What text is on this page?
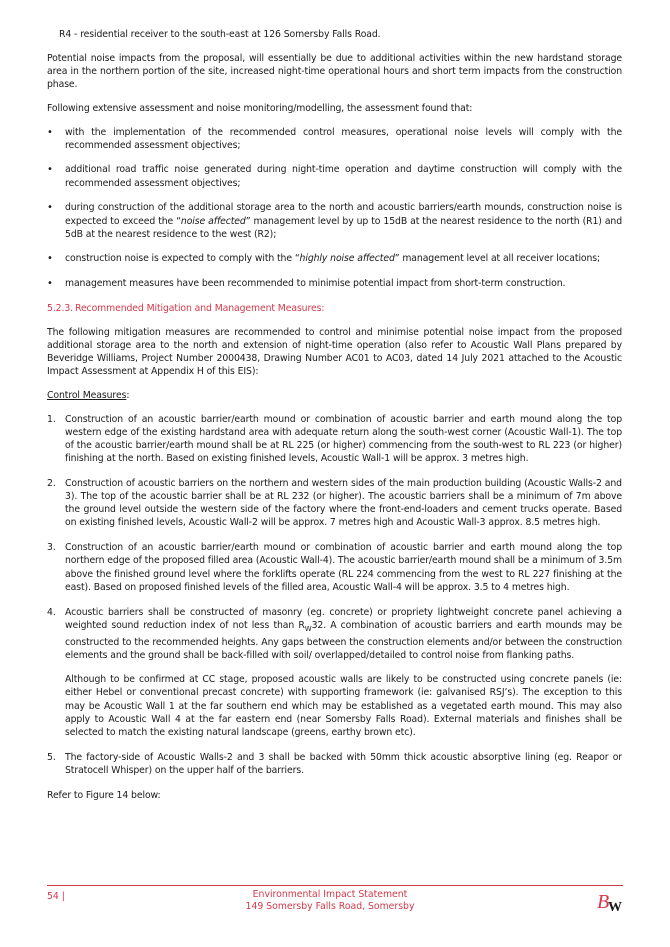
R4 - residential receiver to the south-east at 126 Somersby Falls Road.

Potential noise impacts from the proposal, will essentially be due to additional activities within the new hardstand storage area in the northern portion of the site, increased night-time operational hours and short term impacts from the construction phase.

Following extensive assessment and noise monitoring/modelling, the assessment found that:

• with the implementation of the recommended control measures, operational noise levels will comply with the recommended assessment objectives;
• additional road traffic noise generated during night-time operation and daytime construction will comply with the recommended assessment objectives;
• during construction of the additional storage area to the north and acoustic barriers/earth mounds, construction noise is expected to exceed the “noise affected” management level by up to 15dB at the nearest residence to the north (R1) and 5dB at the nearest residence to the west (R2);
• construction noise is expected to comply with the “highly noise affected” management level at all receiver locations;
• management measures have been recommended to minimise potential impact from short-term construction.
5.2.3. Recommended Mitigation and Management Measures:

The following mitigation measures are recommended to control and minimise potential noise impact from the proposed additional storage area to the north and extension of night-time operation (also refer to Acoustic Wall Plans prepared by Beveridge Williams, Project Number 2000438, Drawing Number AC01 to AC03, dated 14 July 2021 attached to the Acoustic Impact Assessment at Appendix H of this EIS):

Control Measures:

1. Construction of an acoustic barrier/earth mound or combination of acoustic barrier and earth mound along the top western edge of the existing hardstand area with adequate return along the south-west corner (Acoustic Wall-1). The top of the acoustic barrier/earth mound shall be at RL 225 (or higher) commencing from the south-west to RL 223 (or higher) finishing at the north. Based on existing finished levels, Acoustic Wall-1 will be approx. 3 metres high.
2. Construction of acoustic barriers on the northern and western sides of the main production building (Acoustic Walls-2 and 3). The top of the acoustic barrier shall be at RL 232 (or higher). The acoustic barriers shall be a minimum of 7m above the ground level outside the western side of the factory where the front-end-loaders and cement trucks operate. Based on existing finished levels, Acoustic Wall-2 will be approx. 7 metres high and Acoustic Wall-3 approx. 8.5 metres high.
3. Construction of an acoustic barrier/earth mound or combination of acoustic barrier and earth mound along the top northern edge of the proposed filled area (Acoustic Wall-4). The acoustic barrier/earth mound shall be a minimum of 3.5m above the finished ground level where the forklifts operate (RL 224 commencing from the west to RL 227 finishing at the east). Based on proposed finished levels of the filled area, Acoustic Wall-4 will be approx. 3.5 to 4 metres high.
4. Acoustic barriers shall be constructed of masonry (eg. concrete) or propriety lightweight concrete panel achieving a weighted sound reduction index of not less than $R_W32$. A combination of acoustic barriers and earth mounds may be constructed to the recommended heights. Any gaps between the construction elements and/or between the construction elements and the ground shall be back-filled with soil/ overlapped/detailed to control noise from flanking paths.
Although to be confirmed at CC stage, proposed acoustic walls are likely to be constructed using concrete panels (ie: either Hebel or conventional precast concrete) with supporting framework (ie: galvanised RSJ’s). The exception to this may be Acoustic Wall 1 at the far southern end which may be established as a vegetated earth mound. This may also apply to Acoustic Wall 4 at the far eastern end (near Somersby Falls Road). External materials and finishes shall be selected to match the existing natural landscape (greens, earthy brown etc).
5. The factory-side of Acoustic Walls-2 and 3 shall be backed with 50mm thick acoustic absorptive lining (eg. Reapor or Stratocell Whisper) on the upper half of the barriers.

Refer to Figure 14 below:

54 |	Environmental Impact Statement
149 Somersby Falls Road, Somersby	B
W
